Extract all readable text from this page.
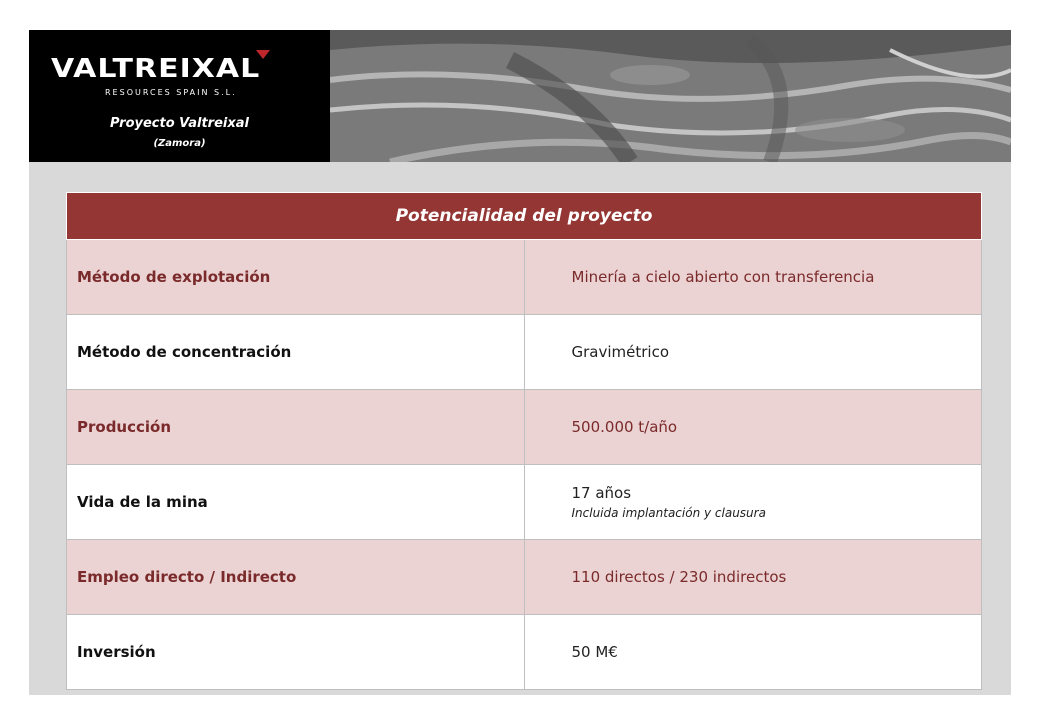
VALTREIXAL
RESOURCES SPAIN S.L.
Proyecto Valtreixal
(Zamora)
Potencialidad del proyecto	
Método de explotación	Minería a cielo abierto con transferencia
Método de concentración	Gravimétrico
Producción	500.000 t/año
Vida de la mina	17 años
Incluida implantación y clausura

Empleo directo / Indirecto	110 directos / 230 indirectos
Inversión	50 M€
